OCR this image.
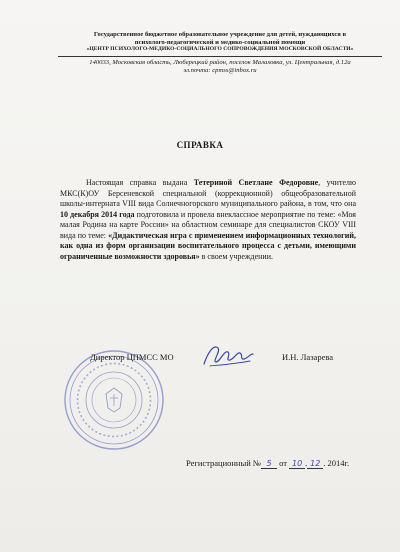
Государственное бюджетное образовательное учреждение для детей, нуждающихся в
психолого-педагогической и медико-социальной помощи
«ЦЕНТР ПСИХОЛОГО-МЕДИКО-СОЦИАЛЬНОГО СОПРОВОЖДЕНИЯ МОСКОВСКОЙ ОБЛАСТИ»
140033, Московская область, Люберецкий район, поселок Малаховка, ул. Центральная, д.12а
эл.почта: cpmss@inbox.ru
СПРАВКА

Настоящая справка выдана Тетериной Светлане Федоровне, учителю МКС(К)ОУ Берсеневской специальной (коррекционной) общеобразовательной школы-интерната VIII вида Солнечногорского муниципального района, в том, что она 10 декабря 2014 года подготовила и провела внеклассное мероприятие по теме: «Моя малая Родина на карте России» на областном семинаре для специалистов СКОУ VIII вида по теме: «Дидактическая игра с применением информационных технологий, как одна из форм организации воспитательного процесса с детьми, имеющими ограниченные возможности здоровья» в своем учреждении.

Директор ЦПМСС МО	И.Н. Лазарева
Регистрационный № 5 от 10 . 12 . 2014г.
